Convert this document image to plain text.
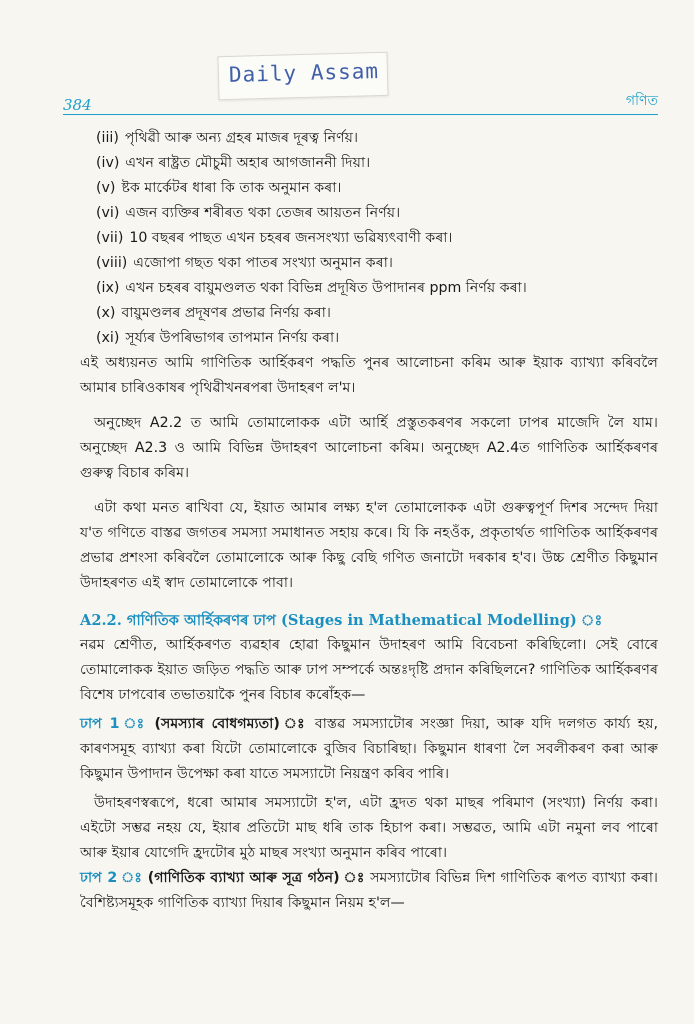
Daily Assam
384	গণিত
(iii) পৃথিৱী আৰু অন্য গ্ৰহৰ মাজৰ দূৰত্ব নিৰ্ণয়।
(iv) এখন ৰাষ্ট্ৰত মৌচুমী অহাৰ আগজাননী দিয়া।
(v) ষ্টক মাৰ্কেটৰ ধাৰা কি তাক অনুমান কৰা।
(vi) এজন ব্যক্তিৰ শৰীৰত থকা তেজৰ আয়তন নিৰ্ণয়।
(vii) 10 বছৰৰ পাছত এখন চহৰৰ জনসংখ্যা ভৱিষ্যৎবাণী কৰা।
(viii) এজোপা গছত থকা পাতৰ সংখ্যা অনুমান কৰা।
(ix) এখন চহৰৰ বায়ুমণ্ডলত থকা বিভিন্ন প্ৰদূষিত উপাদানৰ ppm নিৰ্ণয় কৰা।
(x) বায়ুমণ্ডলৰ প্ৰদূষণৰ প্ৰভাৱ নিৰ্ণয় কৰা।
(xi) সূৰ্য্যৰ উপৰিভাগৰ তাপমান নিৰ্ণয় কৰা।

এই অধ্যয়নত আমি গাণিতিক আৰ্হিকৰণ পদ্ধতি পুনৰ আলোচনা কৰিম আৰু ইয়াক ব্যাখ্যা কৰিবলৈ আমাৰ চাৰিওকাষৰ পৃথিৱীখনৰপৰা উদাহৰণ ল'ম।

অনুচ্ছেদ A2.2 ত আমি তোমালোকক এটা আৰ্হি প্ৰস্তুতকৰণৰ সকলো ঢাপৰ মাজেদি লৈ যাম। অনুচ্ছেদ A2.3 ও আমি বিভিন্ন উদাহৰণ আলোচনা কৰিম। অনুচ্ছেদ A2.4ত গাণিতিক আৰ্হিকৰণৰ গুৰুত্ব বিচাৰ কৰিম।

এটা কথা মনত ৰাখিবা যে, ইয়াত আমাৰ লক্ষ্য হ'ল তোমালোকক এটা গুৰুত্বপূৰ্ণ দিশৰ সন্দেদ দিয়া য'ত গণিতে বাস্তৱ জগতৰ সমস্যা সমাধানত সহায় কৰে। যি কি নহওঁক, প্ৰকৃতাৰ্থত গাণিতিক আৰ্হিকৰণৰ প্ৰভাৱ প্ৰশংসা কৰিবলৈ তোমালোকে আৰু কিছু বেছি গণিত জনাটো দৰকাৰ হ'ব। উচ্চ শ্ৰেণীত কিছুমান উদাহৰণত এই স্বাদ তোমালোকে পাবা।

A2.2. গাণিতিক আৰ্হিকৰণৰ ঢাপ (Stages in Mathematical Modelling) ঃ

নৱম শ্ৰেণীত, আৰ্হিকৰণত ব্যৱহাৰ হোৱা কিছুমান উদাহৰণ আমি বিবেচনা কৰিছিলো। সেই বোৰে তোমালোকক ইয়াত জড়িত পদ্ধতি আৰু ঢাপ সম্পৰ্কে অন্তঃদৃষ্টি প্ৰদান কৰিছিলনে? গাণিতিক আৰ্হিকৰণৰ বিশেষ ঢাপবোৰ তভাতয়াকৈ পুনৰ বিচাৰ কৰোঁহক—

ঢাপ 1 ঃ (সমস্যাৰ বোধগম্যতা) ঃ বাস্তৱ সমস্যাটোৰ সংজ্ঞা দিয়া, আৰু যদি দলগত কাৰ্য্য হয়, কাৰণসমূহ ব্যাখ্যা কৰা যিটো তোমালোকে বুজিব বিচাৰিছা। কিছুমান ধাৰণা লৈ সবলীকৰণ কৰা আৰু কিছুমান উপাদান উপেক্ষা কৰা যাতে সমস্যাটো নিয়ন্ত্ৰণ কৰিব পাৰি।

উদাহৰণস্বৰূপে, ধৰো আমাৰ সমস্যাটো হ'ল, এটা হ্ৰদত থকা মাছৰ পৰিমাণ (সংখ্যা) নিৰ্ণয় কৰা। এইটো সম্ভৱ নহয় যে, ইয়াৰ প্ৰতিটো মাছ ধৰি তাক হিচাপ কৰা। সম্ভৱত, আমি এটা নমুনা লব পাৰো আৰু ইয়াৰ যোগেদি হ্ৰদটোৰ মুঠ মাছৰ সংখ্যা অনুমান কৰিব পাৰো।

ঢাপ 2 ঃ (গাণিতিক ব্যাখ্যা আৰু সূত্ৰ গঠন) ঃ সমস্যাটোৰ বিভিন্ন দিশ গাণিতিক ৰূপত ব্যাখ্যা কৰা। বৈশিষ্ট্যসমূহক গাণিতিক ব্যাখ্যা দিয়াৰ কিছুমান নিয়ম হ'ল—
